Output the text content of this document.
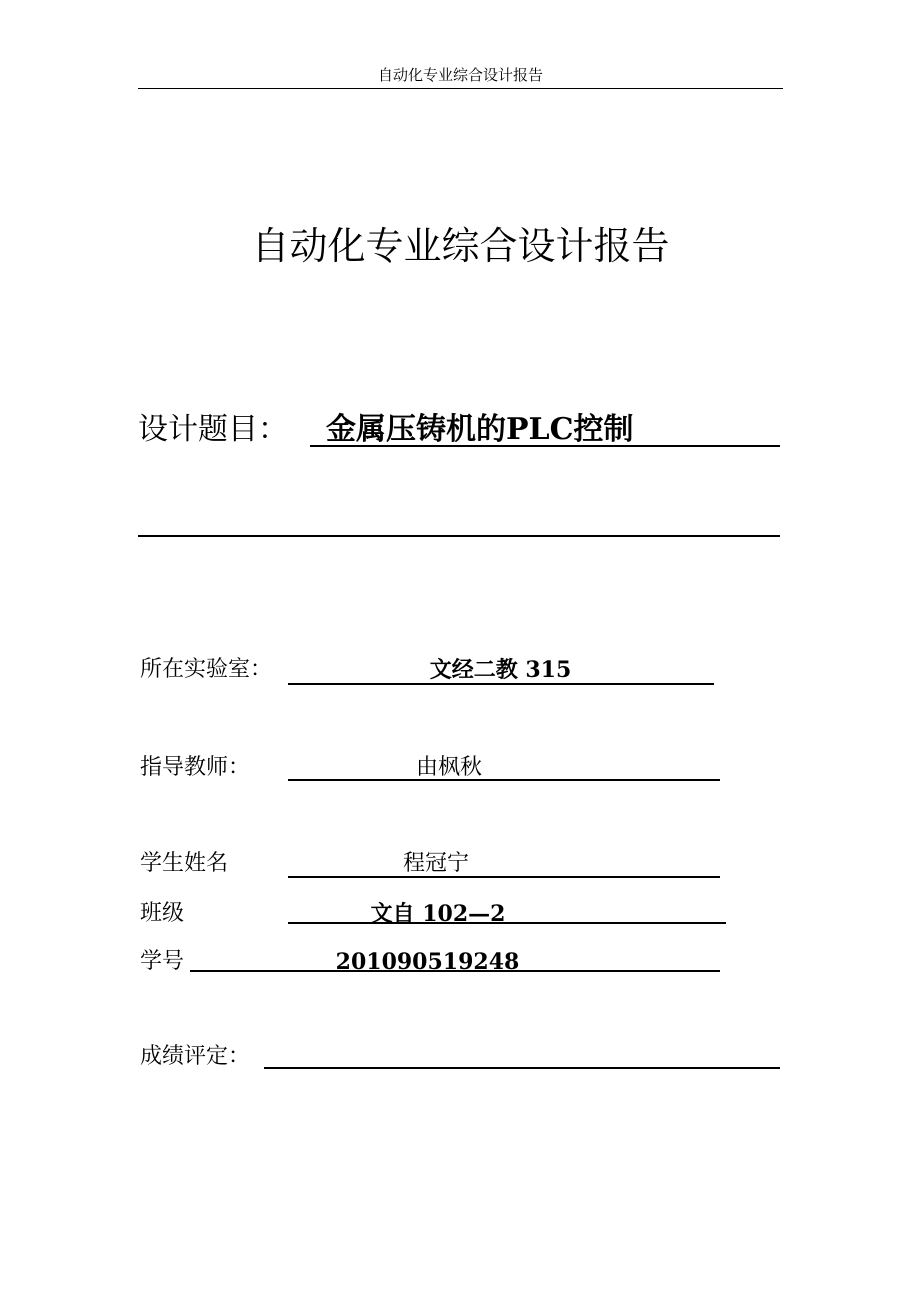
自动化专业综合设计报告
自动化专业综合设计报告
设计题目： 金属压铸机的PLC控制
所在实验室：	文经二教 315
指导教师：	由枫秋
学生姓名	程冠宁
班级	文自 102—2
学号	201090519248
成绩评定：
